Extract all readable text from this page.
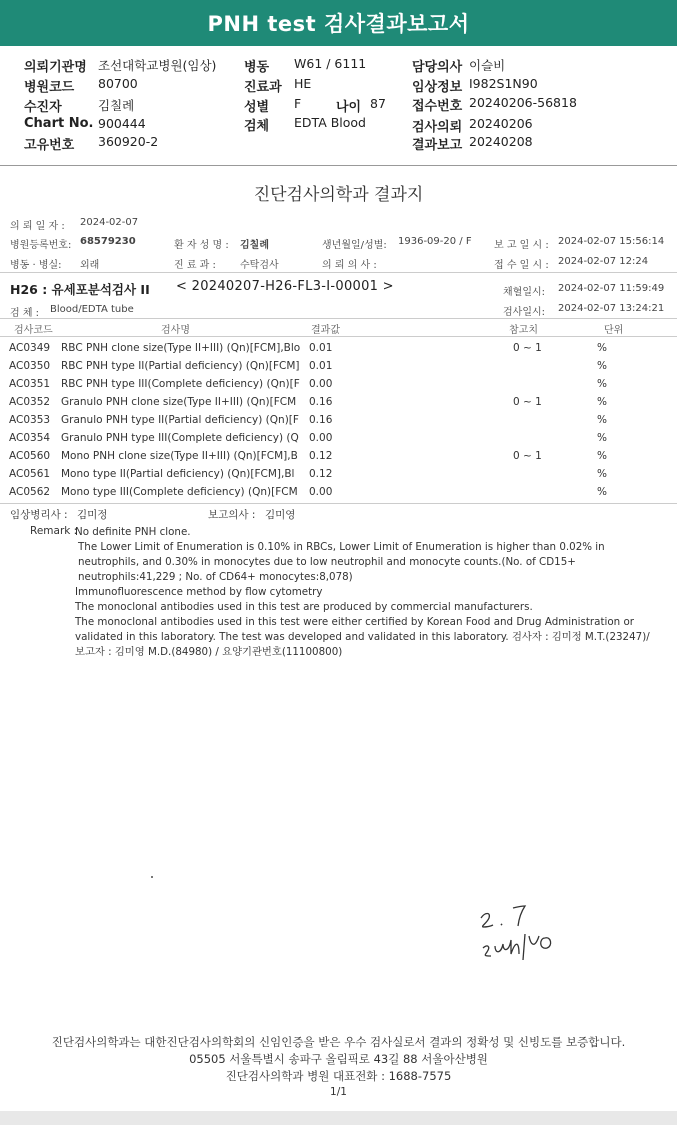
PNH test 검사결과보고서
의뢰기관명 조선대학교병원(임상)
병원코드 80700
수진자	김칠례
Chart No. 900444
고유번호 360920-2
병동 W61 / 6111
진료과 HE
성별 F	나이 87
검체 EDTA Blood
담당의사 이슬비
임상정보 I982S1N90
접수번호 20240206-56818
검사의뢰 20240206
결과보고 20240208
진단검사의학과 결과지
의 뢰 일 자 : 2024-02-07
병원등록번호: 68579230	환 자 성 명 : 김칠례	생년월일/성별: 1936-09-20 / F 보 고 일 시 : 2024-02-07 15:56:14
병동 · 병실: 외래	진 료 과 : 수탁검사	의 뢰 의 사 :	접 수 일 시 : 2024-02-07 12:24
H26 : 유세포분석검사 II < 20240207-H26-FL3-I-00001 >	채혈일시: 2024-02-07 11:59:49
검 체 : Blood/EDTA tube	검사일시: 2024-02-07 13:24:21
검사코드	검사명	결과값	참고치	단위
AC0349 RBC PNH clone size(Type II+III) (Qn)[FCM],Blo 0.01	0 ~ 1	%
AC0350 RBC PNH type II(Partial deficiency) (Qn)[FCM] 0.01	%
AC0351 RBC PNH type III(Complete deficiency) (Qn)[F 0.00	%
AC0352 Granulo PNH clone size(Type II+III) (Qn)[FCM 0.16	0 ~ 1	%
AC0353 Granulo PNH type II(Partial deficiency) (Qn)[F 0.16	%
AC0354 Granulo PNH type III(Complete deficiency) (Q 0.00	%
AC0560 Mono PNH clone size(Type II+III) (Qn)[FCM],B 0.12	0 ~ 1	%
AC0561 Mono type II(Partial deficiency) (Qn)[FCM],Bl 0.12	%
AC0562 Mono type III(Complete deficiency) (Qn)[FCM 0.00	%
임상병리사 : 김미정	보고의사 : 김미영
Remark :

No definite PNH clone.

The Lower Limit of Enumeration is 0.10% in RBCs, Lower Limit of Enumeration is higher than 0.02% in neutrophils, and 0.30% in monocytes due to low neutrophil and monocyte counts.(No. of CD15+ neutrophils:41,229 ; No. of CD64+ monocytes:8,078)

Immunofluorescence method by flow cytometry

The monoclonal antibodies used in this test are produced by commercial manufacturers.

The monoclonal antibodies used in this test were either certified by Korean Food and Drug Administration or validated in this laboratory. The test was developed and validated in this laboratory. 검사자 : 김미정 M.T.(23247)/ 보고자 : 김미영 M.D.(84980) / 요양기관번호(11100800)

진단검사의학과는 대한진단검사의학회의 신임인증을 받은 우수 검사실로서 결과의 정확성 및 신빙도를 보증합니다.
05505 서울특별시 송파구 올림픽로 43길 88 서울아산병원
진단검사의학과 병원 대표전화 : 1688-7575
1/1
